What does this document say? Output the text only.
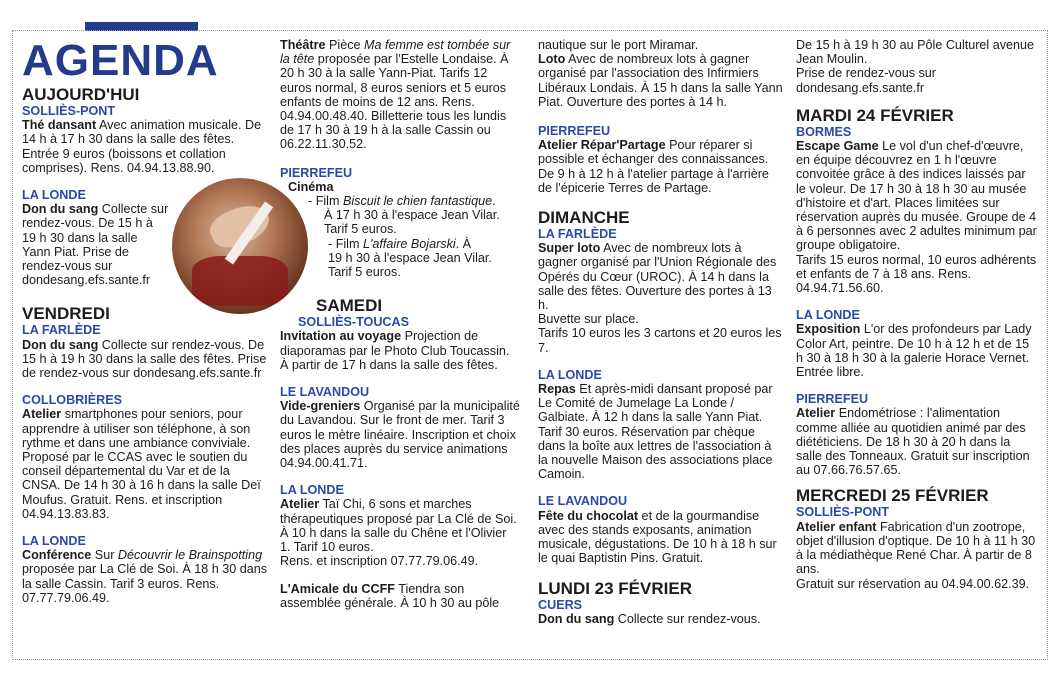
AGENDA
AUJOURD'HUI
SOLLIÈS-PONT

Thé dansant Avec animation musicale. De 14 h à 17 h 30 dans la salle des fêtes. Entrée 9 euros (boissons et collation comprises). Rens. 04.94.13.88.90.

LA LONDE
Don du sang Collecte sur
rendez-vous. De 15 h à
19 h 30 dans la salle
Yann Piat. Prise de
rendez-vous sur
dondesang.efs.sante.fr
VENDREDI
LA FARLÈDE

Don du sang Collecte sur rendez-vous. De 15 h à 19 h 30 dans la salle des fêtes. Prise de rendez-vous sur dondesang.efs.sante.fr

COLLOBRIÈRES

Atelier smartphones pour seniors, pour apprendre à utiliser son téléphone, à son rythme et dans une ambiance conviviale. Proposé par le CCAS avec le soutien du conseil départemental du Var et de la CNSA. De 14 h 30 à 16 h dans la salle Deï Moufus. Gratuit. Rens. et inscription 04.94.13.83.83.

LA LONDE

Conférence Sur Découvrir le Brainspotting proposée par La Clé de Soi. À 18 h 30 dans la salle Cassin. Tarif 3 euros. Rens. 07.77.79.06.49.

Théâtre Pièce Ma femme est tombée sur la tête proposée par l'Estelle Londaise. À 20 h 30 à la salle Yann-Piat. Tarifs 12 euros normal, 8 euros seniors et 5 euros enfants de moins de 12 ans. Rens. 04.94.00.48.40. Billetterie tous les lundis de 17 h 30 à 19 h à la salle Cassin ou 06.22.11.30.52.

PIERREFEU
Cinéma
- Film Biscuit le chien fantastique.
À 17 h 30 à l'espace Jean Vilar.
Tarif 5 euros.
- Film L'affaire Bojarski. À
19 h 30 à l'espace Jean Vilar.
Tarif 5 euros.
SAMEDI
SOLLIÈS-TOUCAS

Invitation au voyage Projection de diaporamas par le Photo Club Toucassin. À partir de 17 h dans la salle des fêtes.

LE LAVANDOU

Vide-greniers Organisé par la municipalité du Lavandou. Sur le front de mer. Tarif 3 euros le mètre linéaire. Inscription et choix des places auprès du service animations 04.94.00.41.71.

LA LONDE
Atelier Taï Chi, 6 sons et marches thérapeutiques proposé par La Clé de Soi. À 10 h dans la salle du Chêne et l'Olivier 1. Tarif 10 euros.
Rens. et inscription 07.77.79.06.49.

L'Amicale du CCFF Tiendra son assemblée générale. À 10 h 30 au pôle

nautique sur le port Miramar.

Loto Avec de nombreux lots à gagner organisé par l'association des Infirmiers Libéraux Londais. À 15 h dans la salle Yann Piat. Ouverture des portes à 14 h.

PIERREFEU

Atelier Répar'Partage Pour réparer si possible et échanger des connaissances. De 9 h à 12 h à l'atelier partage à l'arrière de l'épicerie Terres de Partage.

DIMANCHE
LA FARLÈDE
Super loto Avec de nombreux lots à gagner organisé par l'Union Régionale des Opérés du Cœur (UROC). À 14 h dans la salle des fêtes. Ouverture des portes à 13 h.
Buvette sur place.
Tarifs 10 euros les 3 cartons et 20 euros les 7.
LA LONDE

Repas Et après-midi dansant proposé par Le Comité de Jumelage La Londe / Galbiate. À 12 h dans la salle Yann Piat. Tarif 30 euros. Réservation par chèque dans la boîte aux lettres de l'association à la nouvelle Maison des associations place Camoin.

LE LAVANDOU

Fête du chocolat et de la gourmandise avec des stands exposants, animation musicale, dégustations. De 10 h à 18 h sur le quai Baptistin Pins. Gratuit.

LUNDI 23 FÉVRIER
CUERS

Don du sang Collecte sur rendez-vous.

De 15 h à 19 h 30 au Pôle Culturel avenue Jean Moulin.
Prise de rendez-vous sur dondesang.efs.sante.fr
MARDI 24 FÉVRIER
BORMES
Escape Game Le vol d'un chef-d'œuvre, en équipe découvrez en 1 h l'œuvre convoitée grâce à des indices laissés par le voleur. De 17 h 30 à 18 h 30 au musée d'histoire et d'art. Places limitées sur réservation auprès du musée. Groupe de 4 à 6 personnes avec 2 adultes minimum par groupe obligatoire.
Tarifs 15 euros normal, 10 euros adhérents et enfants de 7 à 18 ans. Rens. 04.94.71.56.60.
LA LONDE
Exposition L'or des profondeurs par Lady Color Art, peintre. De 10 h à 12 h et de 15 h 30 à 18 h 30 à la galerie Horace Vernet.
Entrée libre.
PIERREFEU

Atelier Endométriose : l'alimentation comme alliée au quotidien animé par des diététiciens. De 18 h 30 à 20 h dans la salle des Tonneaux. Gratuit sur inscription au 07.66.76.57.65.

MERCREDI 25 FÉVRIER
SOLLIÈS-PONT
Atelier enfant Fabrication d'un zootrope, objet d'illusion d'optique. De 10 h à 11 h 30 à la médiathèque René Char. À partir de 8 ans.
Gratuit sur réservation au 04.94.00.62.39.
